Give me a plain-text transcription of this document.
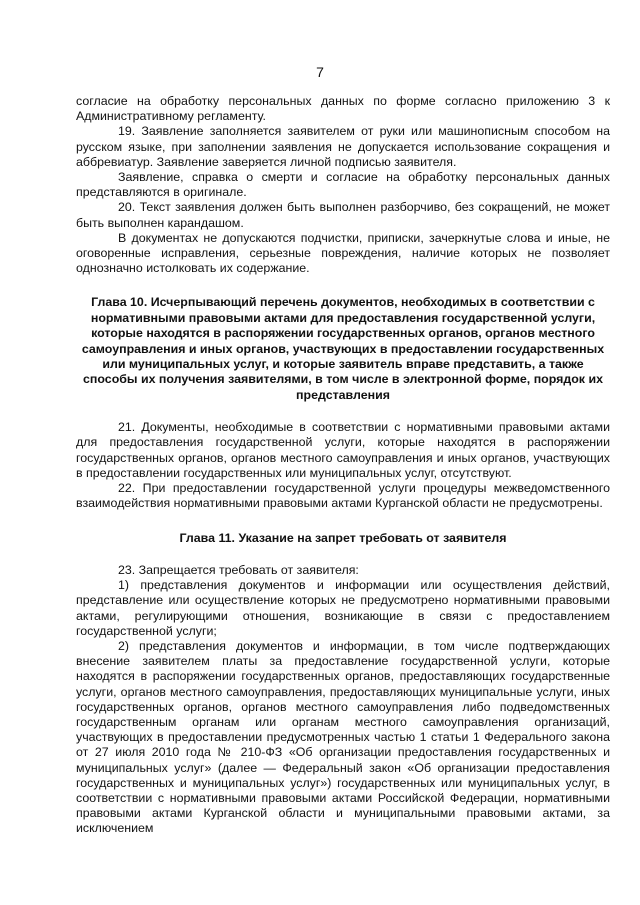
7

согласие на обработку персональных данных по форме согласно приложению 3 к Административному регламенту.

19. Заявление заполняется заявителем от руки или машинописным способом на русском языке, при заполнении заявления не допускается использование сокращения и аббревиатур. Заявление заверяется личной подписью заявителя.

Заявление, справка о смерти и согласие на обработку персональных данных представляются в оригинале.

20. Текст заявления должен быть выполнен разборчиво, без сокращений, не может быть выполнен карандашом.

В документах не допускаются подчистки, приписки, зачеркнутые слова и иные, не оговоренные исправления, серьезные повреждения, наличие которых не позволяет однозначно истолковать их содержание.

Глава 10. Исчерпывающий перечень документов, необходимых в соответствии с нормативными правовыми актами для предоставления государственной услуги, которые находятся в распоряжении государственных органов, органов местного самоуправления и иных органов, участвующих в предоставлении государственных или муниципальных услуг, и которые заявитель вправе представить, а также способы их получения заявителями, в том числе в электронной форме, порядок их представления

21. Документы, необходимые в соответствии с нормативными правовыми актами для предоставления государственной услуги, которые находятся в распоряжении государственных органов, органов местного самоуправления и иных органов, участвующих в предоставлении государственных или муниципальных услуг, отсутствуют.

22. При предоставлении государственной услуги процедуры межведомственного взаимодействия нормативными правовыми актами Курганской области не предусмотрены.

Глава 11. Указание на запрет требовать от заявителя

23. Запрещается требовать от заявителя:

1) представления документов и информации или осуществления действий, представление или осуществление которых не предусмотрено нормативными правовыми актами, регулирующими отношения, возникающие в связи с предоставлением государственной услуги;

2) представления документов и информации, в том числе подтверждающих внесение заявителем платы за предоставление государственной услуги, которые находятся в распоряжении государственных органов, предоставляющих государственные услуги, органов местного самоуправления, предоставляющих муниципальные услуги, иных государственных органов, органов местного самоуправления либо подведомственных государственным органам или органам местного самоуправления организаций, участвующих в предоставлении предусмотренных частью 1 статьи 1 Федерального закона от 27 июля 2010 года № 210-ФЗ «Об организации предоставления государственных и муниципальных услуг» (далее — Федеральный закон «Об организации предоставления государственных и муниципальных услуг») государственных или муниципальных услуг, в соответствии с нормативными правовыми актами Российской Федерации, нормативными правовыми актами Курганской области и муниципальными правовыми актами, за исключением
